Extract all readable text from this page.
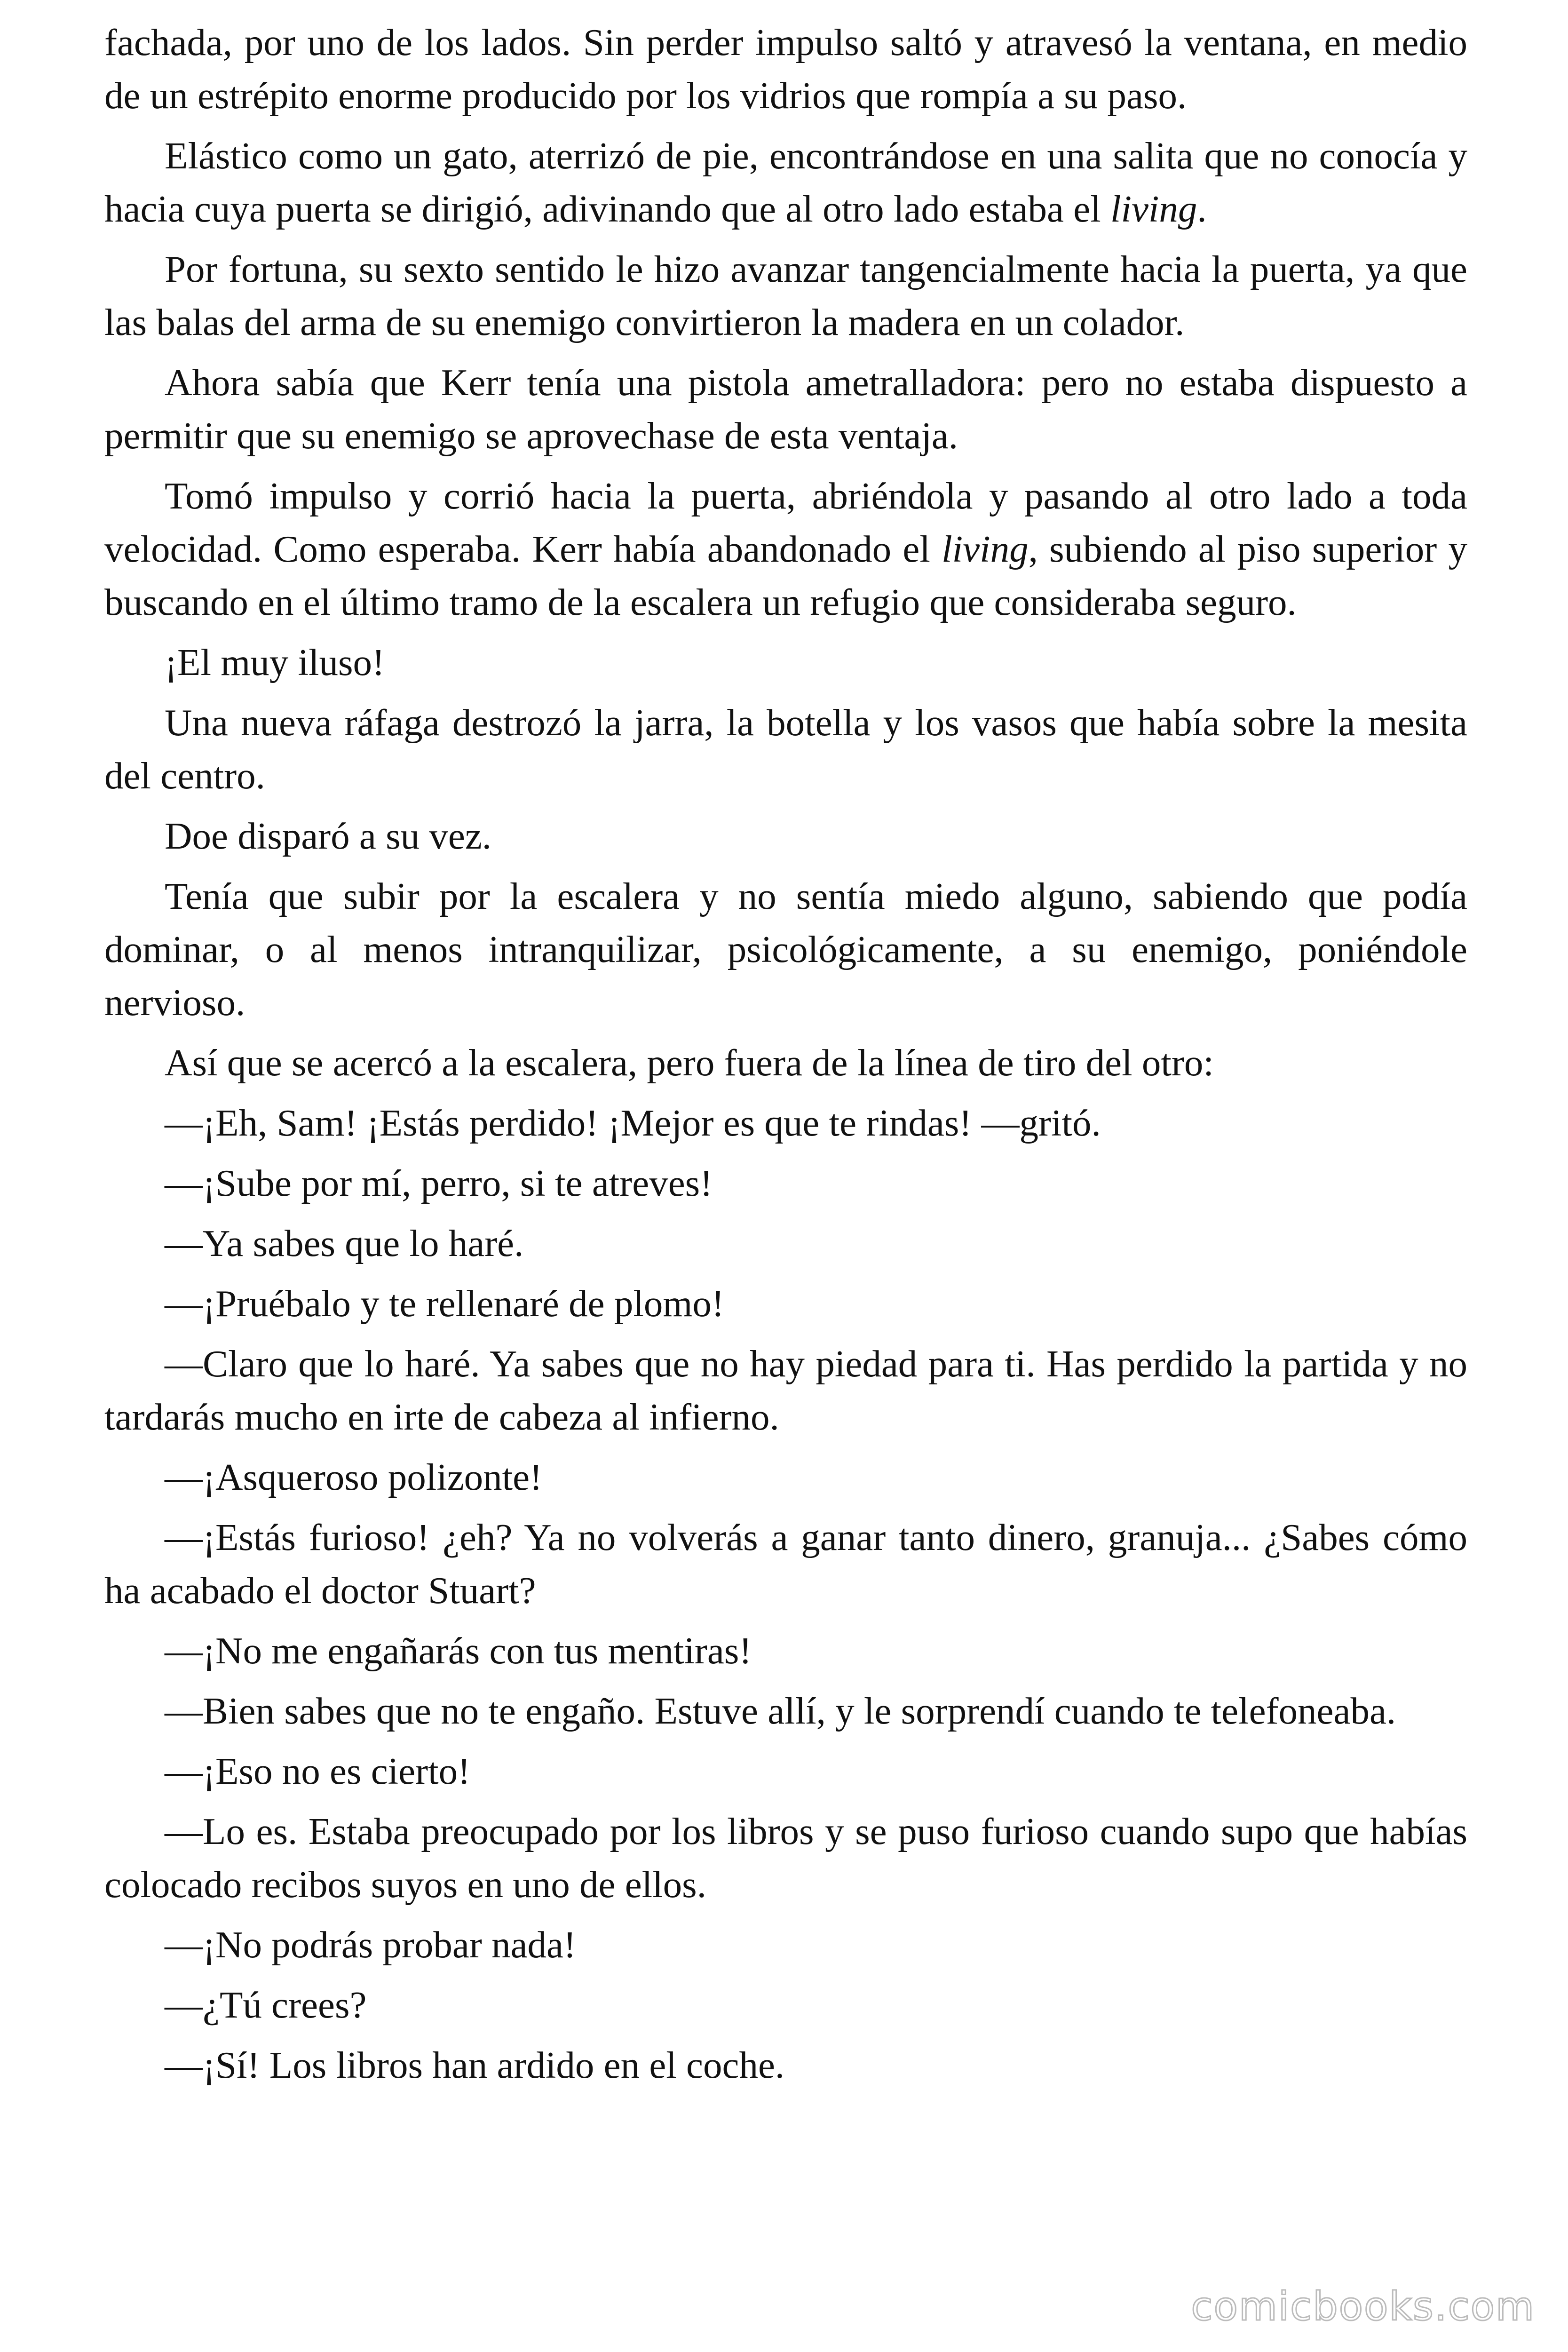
fachada, por uno de los lados. Sin perder impulso saltó y atravesó la ventana, en medio de un estrépito enorme producido por los vidrios que rompía a su paso.

Elástico como un gato, aterrizó de pie, encontrándose en una salita que no conocía y hacia cuya puerta se dirigió, adivinando que al otro lado estaba el living.

Por fortuna, su sexto sentido le hizo avanzar tangencialmente hacia la puerta, ya que las balas del arma de su enemigo convirtieron la madera en un colador.

Ahora sabía que Kerr tenía una pistola ametralladora: pero no estaba dispuesto a permitir que su enemigo se aprovechase de esta ventaja.

Tomó impulso y corrió hacia la puerta, abriéndola y pasando al otro lado a toda velocidad. Como esperaba. Kerr había abandonado el living, subiendo al piso superior y buscando en el último tramo de la escalera un refugio que consideraba seguro.

¡El muy iluso!

Una nueva ráfaga destrozó la jarra, la botella y los vasos que había sobre la mesita del centro.

Doe disparó a su vez.

Tenía que subir por la escalera y no sentía miedo alguno, sabiendo que podía dominar, o al menos intranquilizar, psicológicamente, a su enemigo, poniéndole nervioso.

Así que se acercó a la escalera, pero fuera de la línea de tiro del otro:

—¡Eh, Sam! ¡Estás perdido! ¡Mejor es que te rindas! —gritó.

—¡Sube por mí, perro, si te atreves!

—Ya sabes que lo haré.

—¡Pruébalo y te rellenaré de plomo!

—Claro que lo haré. Ya sabes que no hay piedad para ti. Has perdido la partida y no tardarás mucho en irte de cabeza al infierno.

—¡Asqueroso polizonte!

—¡Estás furioso! ¿eh? Ya no volverás a ganar tanto dinero, granuja... ¿Sabes cómo ha acabado el doctor Stuart?

—¡No me engañarás con tus mentiras!

—Bien sabes que no te engaño. Estuve allí, y le sorprendí cuando te telefoneaba.

—¡Eso no es cierto!

—Lo es. Estaba preocupado por los libros y se puso furioso cuando supo que habías colocado recibos suyos en uno de ellos.

—¡No podrás probar nada!

—¿Tú crees?

—¡Sí! Los libros han ardido en el coche.

comicbooks.com
